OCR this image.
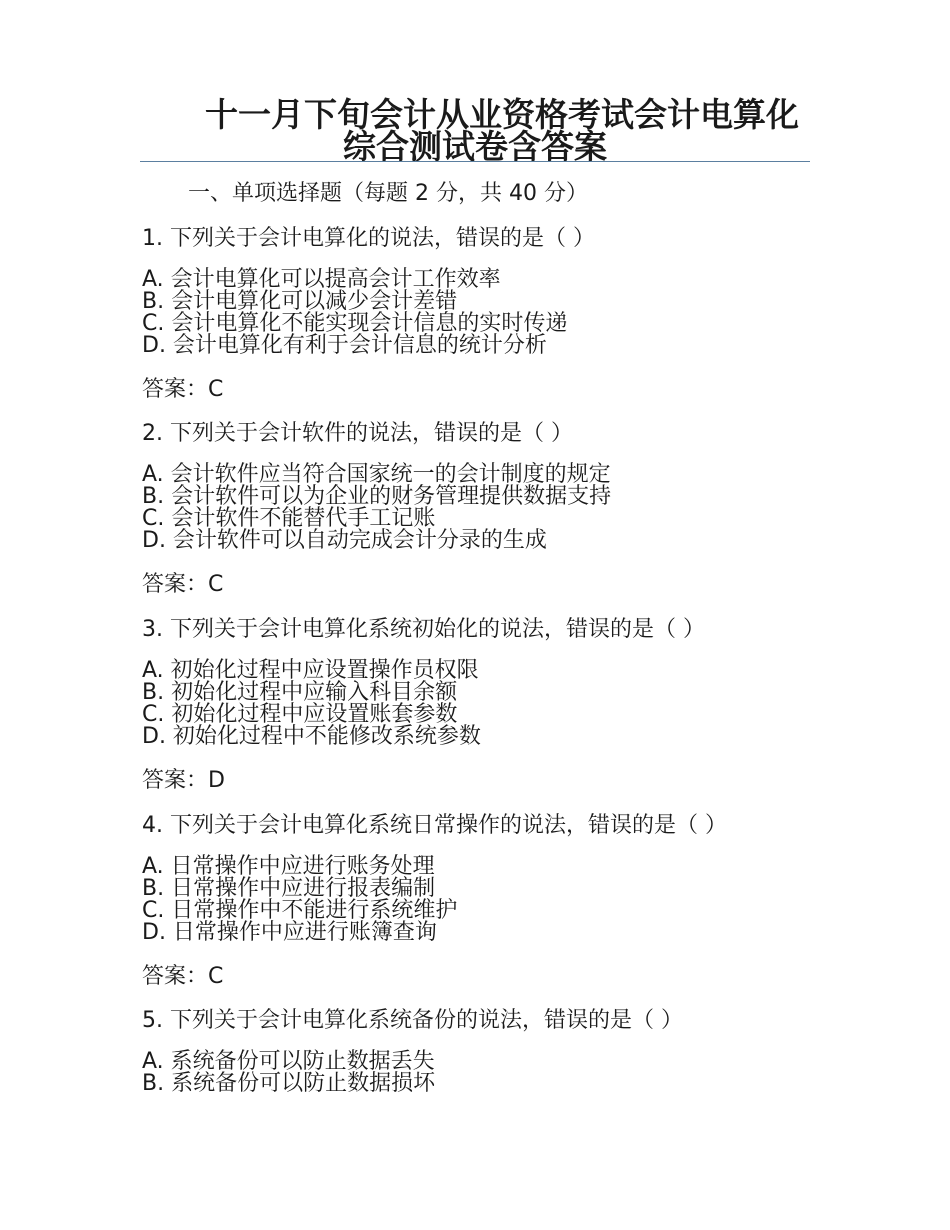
十一月下旬会计从业资格考试会计电算化
综合测试卷含答案
一、单项选择题（每题 2 分，共 40 分）
1. 下列关于会计电算化的说法，错误的是（ ）
A. 会计电算化可以提高会计工作效率
B. 会计电算化可以减少会计差错
C. 会计电算化不能实现会计信息的实时传递
D. 会计电算化有利于会计信息的统计分析
答案：C
2. 下列关于会计软件的说法，错误的是（ ）
A. 会计软件应当符合国家统一的会计制度的规定
B. 会计软件可以为企业的财务管理提供数据支持
C. 会计软件不能替代手工记账
D. 会计软件可以自动完成会计分录的生成
答案：C
3. 下列关于会计电算化系统初始化的说法，错误的是（ ）
A. 初始化过程中应设置操作员权限
B. 初始化过程中应输入科目余额
C. 初始化过程中应设置账套参数
D. 初始化过程中不能修改系统参数
答案：D
4. 下列关于会计电算化系统日常操作的说法，错误的是（ ）
A. 日常操作中应进行账务处理
B. 日常操作中应进行报表编制
C. 日常操作中不能进行系统维护
D. 日常操作中应进行账簿查询
答案：C
5. 下列关于会计电算化系统备份的说法，错误的是（ ）
A. 系统备份可以防止数据丢失
B. 系统备份可以防止数据损坏
